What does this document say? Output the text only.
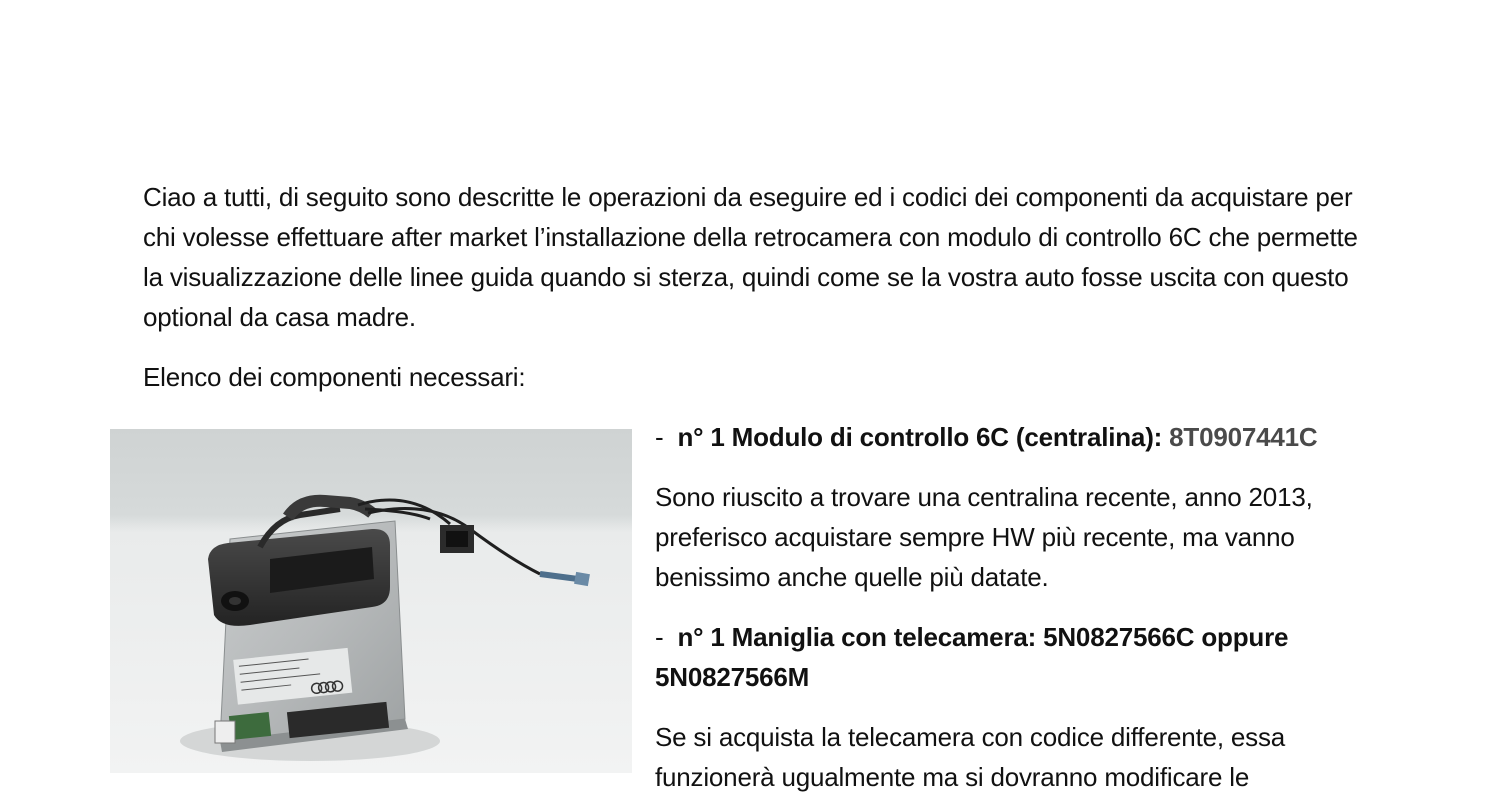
Ciao a tutti, di seguito sono descritte le operazioni da eseguire ed i codici dei componenti da acquistare per chi volesse effettuare after market l’installazione della retrocamera con modulo di controllo 6C che permette la visualizzazione delle linee guida quando si sterza, quindi come se la vostra auto fosse uscita con questo optional da casa madre.

Elenco dei componenti necessari:

- n° 1 Modulo di controllo 6C (centralina): 8T0907441C

Sono riuscito a trovare una centralina recente, anno 2013, preferisco acquistare sempre HW più recente, ma vanno benissimo anche quelle più datate.

- n° 1 Maniglia con telecamera: 5N0827566C oppure 5N0827566M

Se si acquista la telecamera con codice differente, essa funzionerà ugualmente ma si dovranno modificare le
